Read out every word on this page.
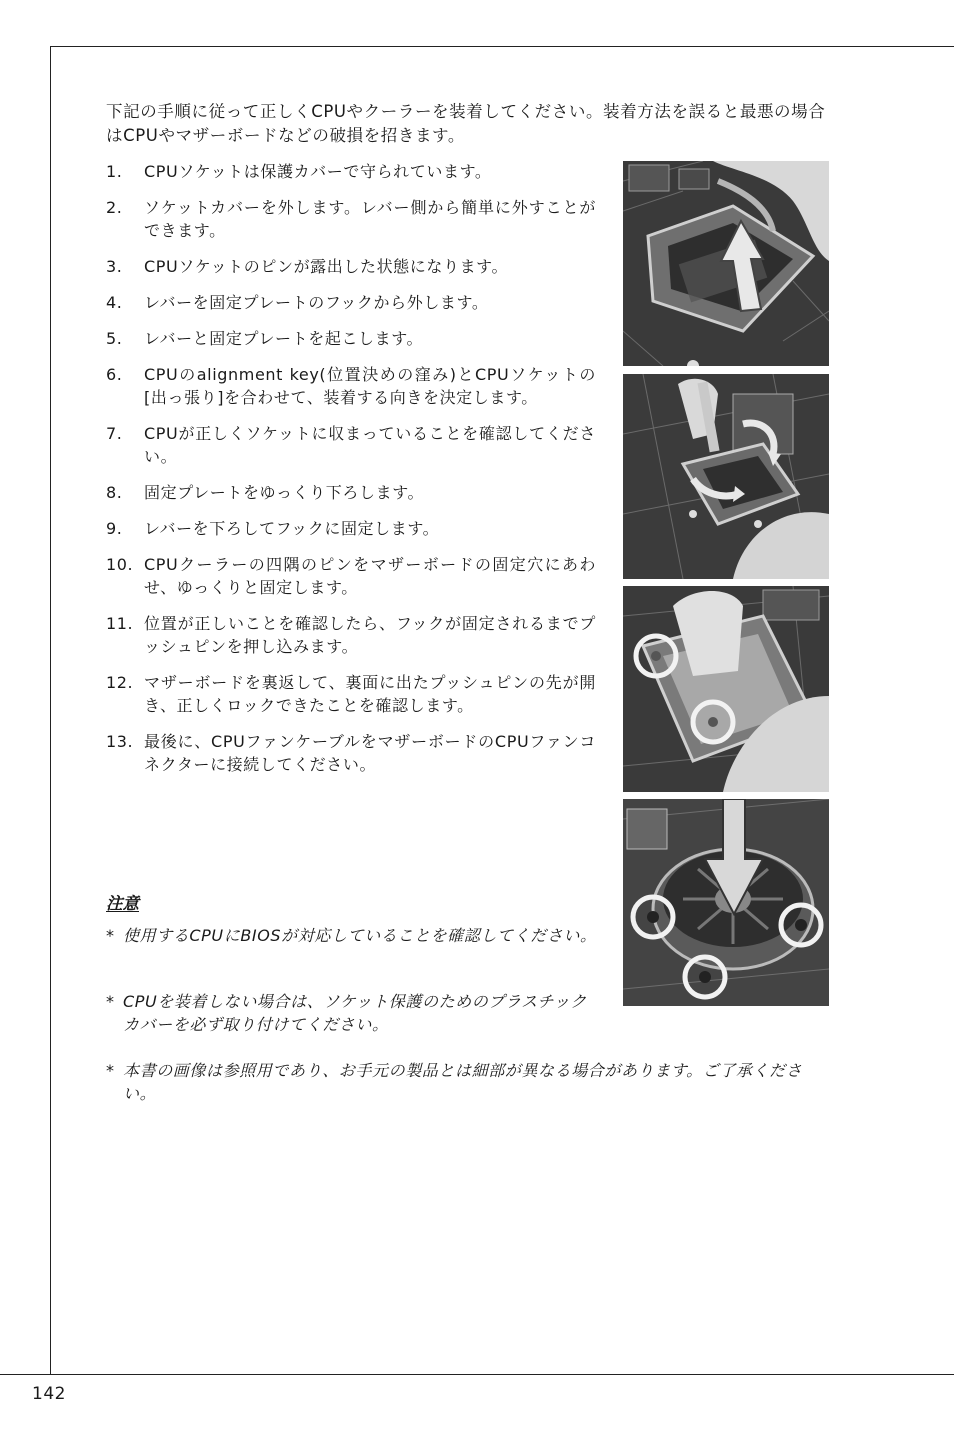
下記の手順に従って正しくCPUやクーラーを装着してください。装着方法を誤ると最悪の場合はCPUやマザーボードなどの破損を招きます。

1. CPUソケットは保護カバーで守られています。
2. ソケットカバーを外します。レバー側から簡単に外すことができます。
3. CPUソケットのピンが露出した状態になります。
4. レバーを固定プレートのフックから外します。
5. レバーと固定プレートを起こします。
6. CPUのalignment key(位置決めの窪み)とCPUソケットの[出っ張り]を合わせて、装着する向きを決定します。
7. CPUが正しくソケットに収まっていることを確認してください。
8. 固定プレートをゆっくり下ろします。
9. レバーを下ろしてフックに固定します。
10. CPUクーラーの四隅のピンをマザーボードの固定穴にあわせ、ゆっくりと固定します。
11. 位置が正しいことを確認したら、フックが固定されるまでプッシュピンを押し込みます。
12. マザーボードを裏返して、裏面に出たプッシュピンの先が開き、正しくロックできたことを確認します。
13. 最後に、CPUファンケーブルをマザーボードのCPUファンコネクターに接続してください。
注意
* 使用するCPUにBIOSが対応していることを確認してください。
* CPUを装着しない場合は、ソケット保護のためのプラスチックカバーを必ず取り付けてください。
* 本書の画像は参照用であり、お手元の製品とは細部が異なる場合があります。ご了承ください。
142
